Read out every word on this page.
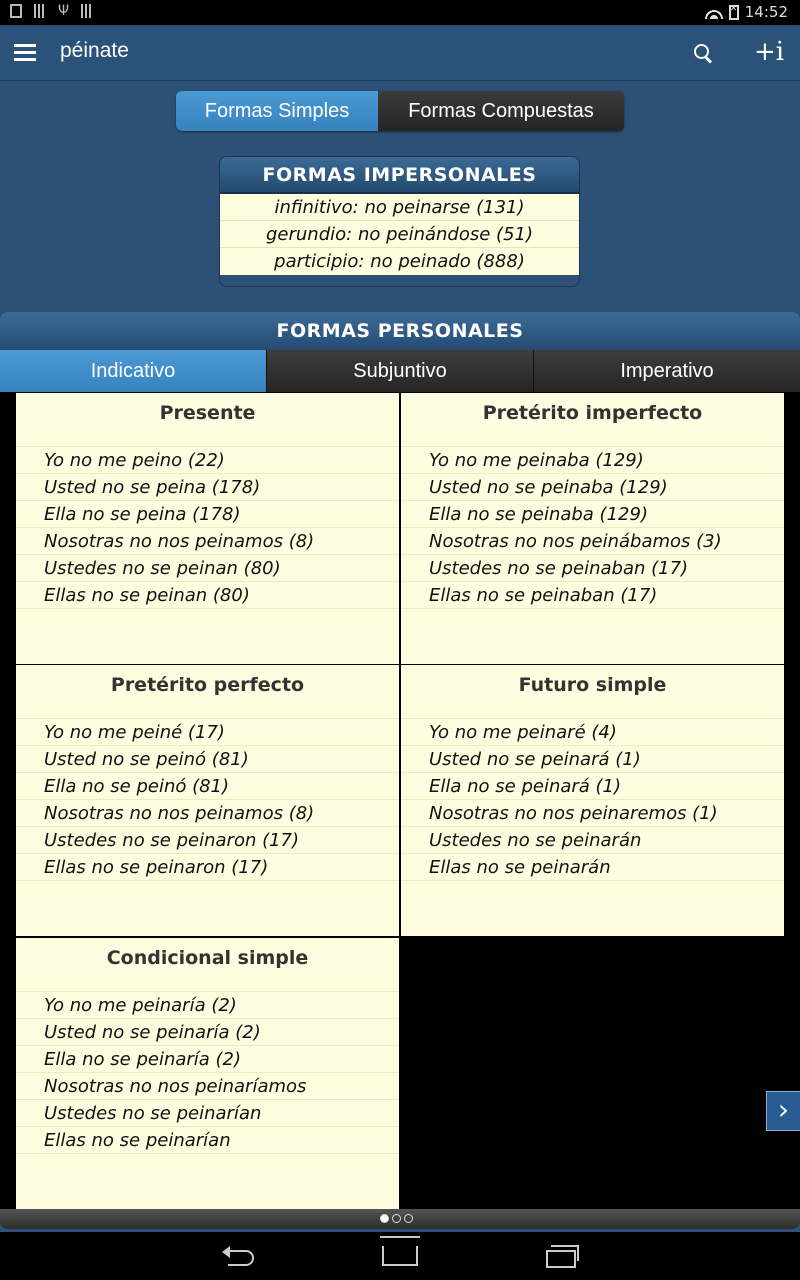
Ψ
✕	14:52
péinate	+i
Formas Simples	Formas Compuestas
FORMAS IMPERSONALES
infinitivo: no peinarse (131)
gerundio: no peinándose (51)
participio: no peinado (888)
FORMAS PERSONALES
Indicativo	Subjuntivo	Imperativo
Presente
Yo no me peino (22)
Usted no se peina (178)
Ella no se peina (178)
Nosotras no nos peinamos (8)
Ustedes no se peinan (80)
Ellas no se peinan (80)
Pretérito imperfecto
Yo no me peinaba (129)
Usted no se peinaba (129)
Ella no se peinaba (129)
Nosotras no nos peinábamos (3)
Ustedes no se peinaban (17)
Ellas no se peinaban (17)
Pretérito perfecto
Yo no me peiné (17)
Usted no se peinó (81)
Ella no se peinó (81)
Nosotras no nos peinamos (8)
Ustedes no se peinaron (17)
Ellas no se peinaron (17)
Futuro simple
Yo no me peinaré (4)
Usted no se peinará (1)
Ella no se peinará (1)
Nosotras no nos peinaremos (1)
Ustedes no se peinarán
Ellas no se peinarán
Condicional simple
Yo no me peinaría (2)
Usted no se peinaría (2)
Ella no se peinaría (2)
Nosotras no nos peinaríamos
Ustedes no se peinarían
Ellas no se peinarían
›
